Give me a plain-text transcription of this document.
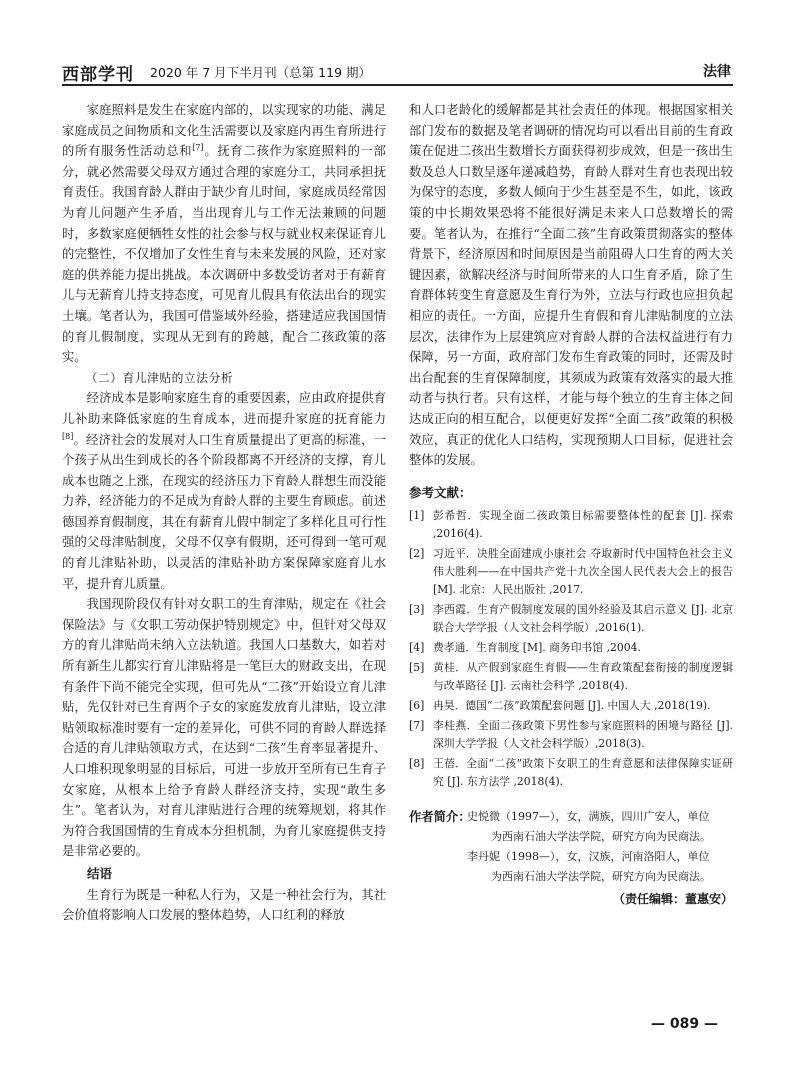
西部学刊 2020 年 7 月下半月刊（总第 119 期）	法律

家庭照料是发生在家庭内部的，以实现家的功能、满足家庭成员之间物质和文化生活需要以及家庭内再生育所进行的所有服务性活动总和[7]。抚育二孩作为家庭照料的一部分，就必然需要父母双方通过合理的家庭分工，共同承担抚育责任。我国育龄人群由于缺少育儿时间，家庭成员经常因为育儿问题产生矛盾，当出现育儿与工作无法兼顾的问题时，多数家庭便牺牲女性的社会参与权与就业权来保证育儿的完整性，不仅增加了女性生育与未来发展的风险，还对家庭的供养能力提出挑战。本次调研中多数受访者对于有薪育儿与无薪育儿持支持态度，可见育儿假具有依法出台的现实土壤。笔者认为，我国可借鉴域外经验，搭建适应我国国情的育儿假制度，实现从无到有的跨越，配合二孩政策的落实。

（二）育儿津贴的立法分析

经济成本是影响家庭生育的重要因素，应由政府提供育儿补助来降低家庭的生育成本，进而提升家庭的抚育能力[8]。经济社会的发展对人口生育质量提出了更高的标准，一个孩子从出生到成长的各个阶段都离不开经济的支撑，育儿成本也随之上涨，在现实的经济压力下育龄人群想生而没能力养，经济能力的不足成为育龄人群的主要生育顾虑。前述德国养育假制度，其在有薪育儿假中制定了多样化且可行性强的父母津贴制度，父母不仅享有假期，还可得到一笔可观的育儿津贴补助，以灵活的津贴补助方案保障家庭育儿水平，提升育儿质量。

我国现阶段仅有针对女职工的生育津贴，规定在《社会保险法》与《女职工劳动保护特别规定》中，但针对父母双方的育儿津贴尚未纳入立法轨道。我国人口基数大，如若对所有新生儿都实行育儿津贴将是一笔巨大的财政支出，在现有条件下尚不能完全实现，但可先从“二孩”开始设立育儿津贴，先仅针对已生育两个子女的家庭发放育儿津贴，设立津贴领取标准时要有一定的差异化，可供不同的育龄人群选择合适的育儿津贴领取方式，在达到“二孩”生育率显著提升、人口堆积现象明显的目标后，可进一步放开至所有已生育子女家庭，从根本上给予育龄人群经济支持，实现“敢生多生”。笔者认为，对育儿津贴进行合理的统筹规划，将其作为符合我国国情的生育成本分担机制，为育儿家庭提供支持是非常必要的。

结语

生育行为既是一种私人行为，又是一种社会行为，其社会价值将影响人口发展的整体趋势，人口红利的释放

和人口老龄化的缓解都是其社会责任的体现。根据国家相关部门发布的数据及笔者调研的情况均可以看出目前的生育政策在促进二孩出生数增长方面获得初步成效，但是一孩出生数及总人口数呈逐年递减趋势，育龄人群对生育也表现出较为保守的态度，多数人倾向于少生甚至是不生，如此，该政策的中长期效果恐将不能很好满足未来人口总数增长的需要。笔者认为，在推行“全面二孩”生育政策贯彻落实的整体背景下，经济原因和时间原因是当前阻碍人口生育的两大关键因素，欲解决经济与时间所带来的人口生育矛盾，除了生育群体转变生育意愿及生育行为外，立法与行政也应担负起相应的责任。一方面，应提升生育假和育儿津贴制度的立法层次，法律作为上层建筑应对育龄人群的合法权益进行有力保障，另一方面，政府部门发布生育政策的同时，还需及时出台配套的生育保障制度，其须成为政策有效落实的最大推动者与执行者。只有这样，才能与每个独立的生育主体之间达成正向的相互配合，以便更好发挥“全面二孩”政策的积极效应，真正的优化人口结构，实现预期人口目标，促进社会整体的发展。

参考文献：
[1] 彭希哲．实现全面二孩政策目标需要整体性的配套 [J]. 探索 ,2016(4).
[2] 习近平．决胜全面建成小康社会 夺取新时代中国特色社会主义伟大胜利——在中国共产党十九次全国人民代表大会上的报告 [M]. 北京：人民出版社 ,2017.
[3] 李西霞．生育产假制度发展的国外经验及其启示意义 [J]. 北京联合大学学报（人文社会科学版）,2016(1).
[4] 费孝通．生育制度 [M]. 商务印书馆 ,2004.
[5] 黄桂．从产假到家庭生育假——生育政策配套衔接的制度逻辑与改革路径 [J]. 云南社会科学 ,2018(4).
[6] 冉昊．德国“二孩”政策配套问题 [J]. 中国人大 ,2018(19).
[7] 李桂燕．全面二孩政策下男性参与家庭照料的困境与路径 [J]. 深圳大学学报（人文社会科学版）,2018(3).
[8] 王蓓．全面“二孩”政策下女职工的生育意愿和法律保障实证研究 [J]. 东方法学 ,2018(4).
作者简介：
史悦微（1997—），女，满族，四川广安人，单位
为西南石油大学法学院，研究方向为民商法。
李丹妮（1998—），女，汉族，河南洛阳人，单位
为西南石油大学法学院，研究方向为民商法。
（责任编辑：董惠安）
— 089 —
